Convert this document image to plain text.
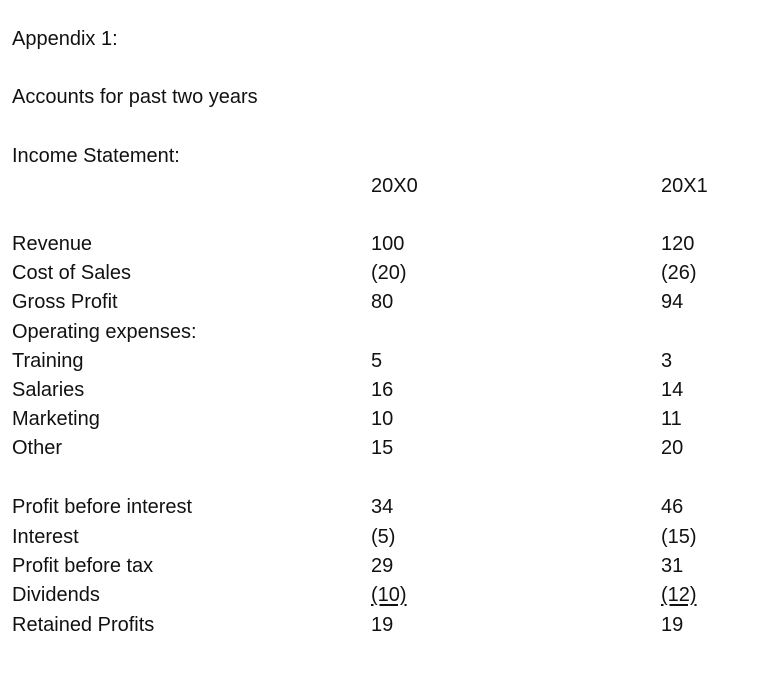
Appendix 1:
Accounts for past two years
Income Statement:
20X0	20X1
Revenue	100	120
Cost of Sales	(20)	(26)
Gross Profit	80	94
Operating expenses:
Training	5	3
Salaries	16	14
Marketing	10	11
Other	15	20
Profit before interest	34	46
Interest	(5)	(15)
Profit before tax	29	31
Dividends	(10)	(12)
Retained Profits	19	19
